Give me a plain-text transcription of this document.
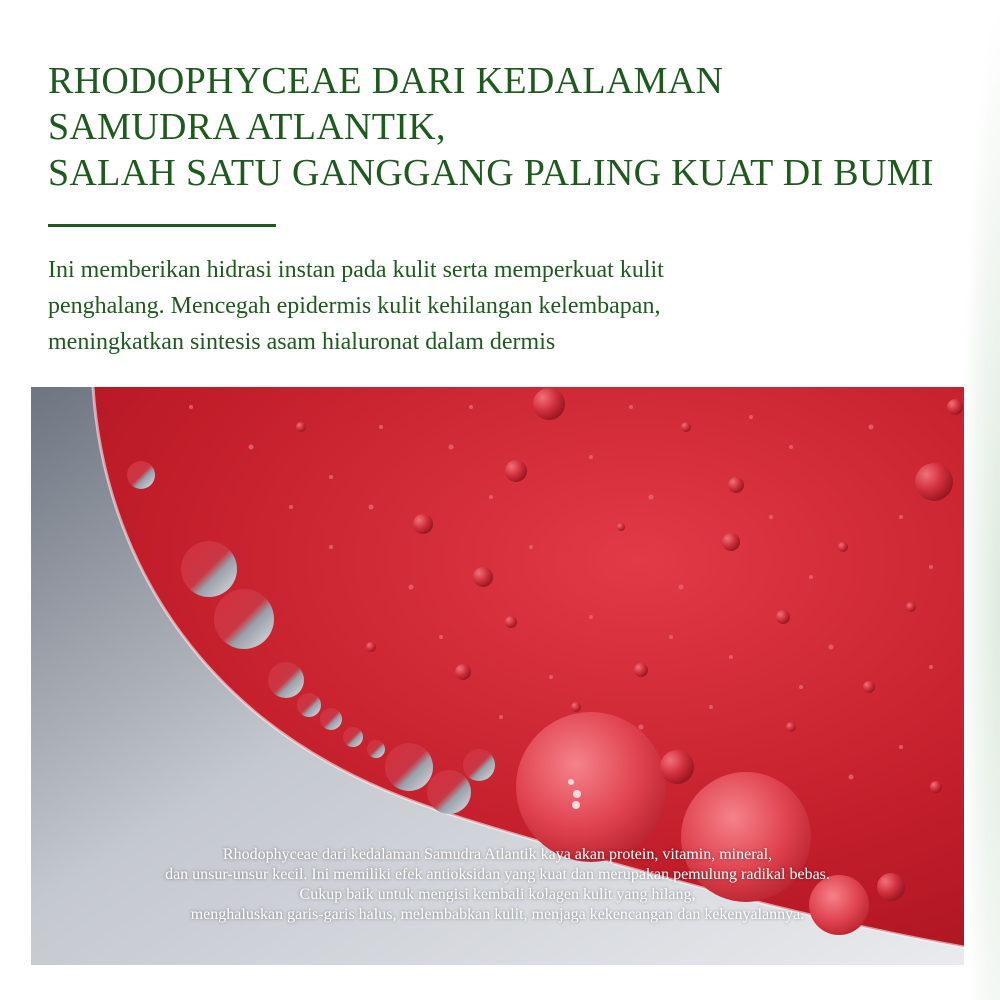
RHODOPHYCEAE DARI KEDALAMAN
SAMUDRA ATLANTIK,
SALAH SATU GANGGANG PALING KUAT DI BUMI
Ini memberikan hidrasi instan pada kulit serta memperkuat kulit
penghalang. Mencegah epidermis kulit kehilangan kelembapan,
meningkatkan sintesis asam hialuronat dalam dermis
Rhodophyceae dari kedalaman Samudra Atlantik kaya akan protein, vitamin, mineral,
dan unsur-unsur kecil. Ini memiliki efek antioksidan yang kuat dan merupakan pemulung radikal bebas.
Cukup baik untuk mengisi kembali kolagen kulit yang hilang,
menghaluskan garis-garis halus, melembabkan kulit, menjaga kekencangan dan kekenyalannya.
